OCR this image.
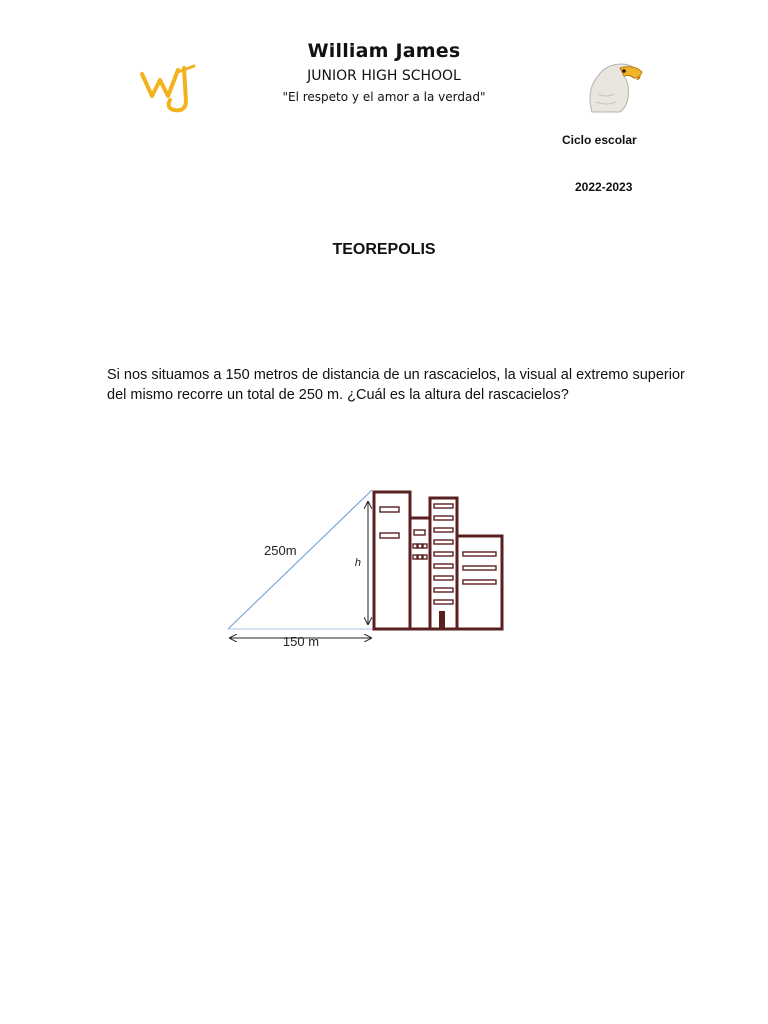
William James
JUNIOR HIGH SCHOOL
"El respeto y el amor a la verdad"
Ciclo escolar
2022-2023
TEOREPOLIS
Si nos situamos a 150 metros de distancia de un rascacielos, la visual al extremo superior del mismo recorre un total de 250 m. ¿Cuál es la altura del rascacielos?
250m
h
150 m
